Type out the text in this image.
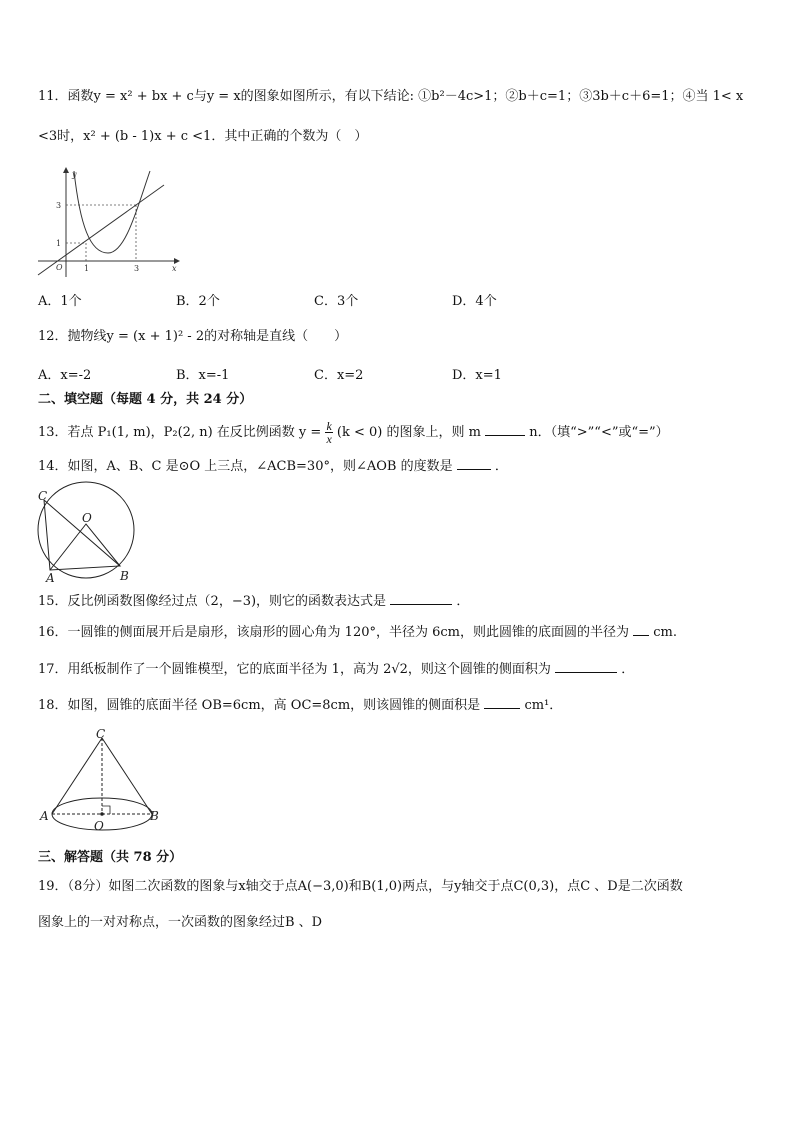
11．函数y = x² + bx + c与y = x的图象如图所示，有以下结论: ①b²－4c>1；②b＋c=1；③3b＋c＋6=1；④当 1< x
<3时，x² + (b - 1)x + c <1．其中正确的个数为（　）
y
x
O	1	3
1
3
A．1个	B．2个	C．3个	D．4个
12．抛物线y = (x + 1)² - 2的对称轴是直线（　　）
A．x=-2	B．x=-1	C．x=2	D．x=1
二、填空题（每题 4 分，共 24 分）
13．若点 P₁(1, m)，P₂(2, n) 在反比例函数 $y = \frac{k}{x} (k < 0)$ 的图象上，则 m	n．（填“>”“<”或“=”）
14．如图，A、B、C 是⊙O 上三点，∠ACB=30°，则∠AOB 的度数是	．
C
O
A	B
15．反比例函数图像经过点（2，−3)，则它的函数表达式是	．
16．一圆锥的侧面展开后是扇形，该扇形的圆心角为 120°，半径为 6cm，则此圆锥的底面圆的半径为 cm.
17．用纸板制作了一个圆锥模型，它的底面半径为 1，高为 2√2，则这个圆锥的侧面积为	．
18．如图，圆锥的底面半径 OB=6cm，高 OC=8cm，则该圆锥的侧面积是	cm¹．
C
A
O
B
三、解答题（共 78 分）
19．（8分）如图二次函数的图象与x轴交于点A(−3,0)和B(1,0)两点，与y轴交于点C(0,3)，点C 、D是二次函数
图象上的一对对称点，一次函数的图象经过B 、D
